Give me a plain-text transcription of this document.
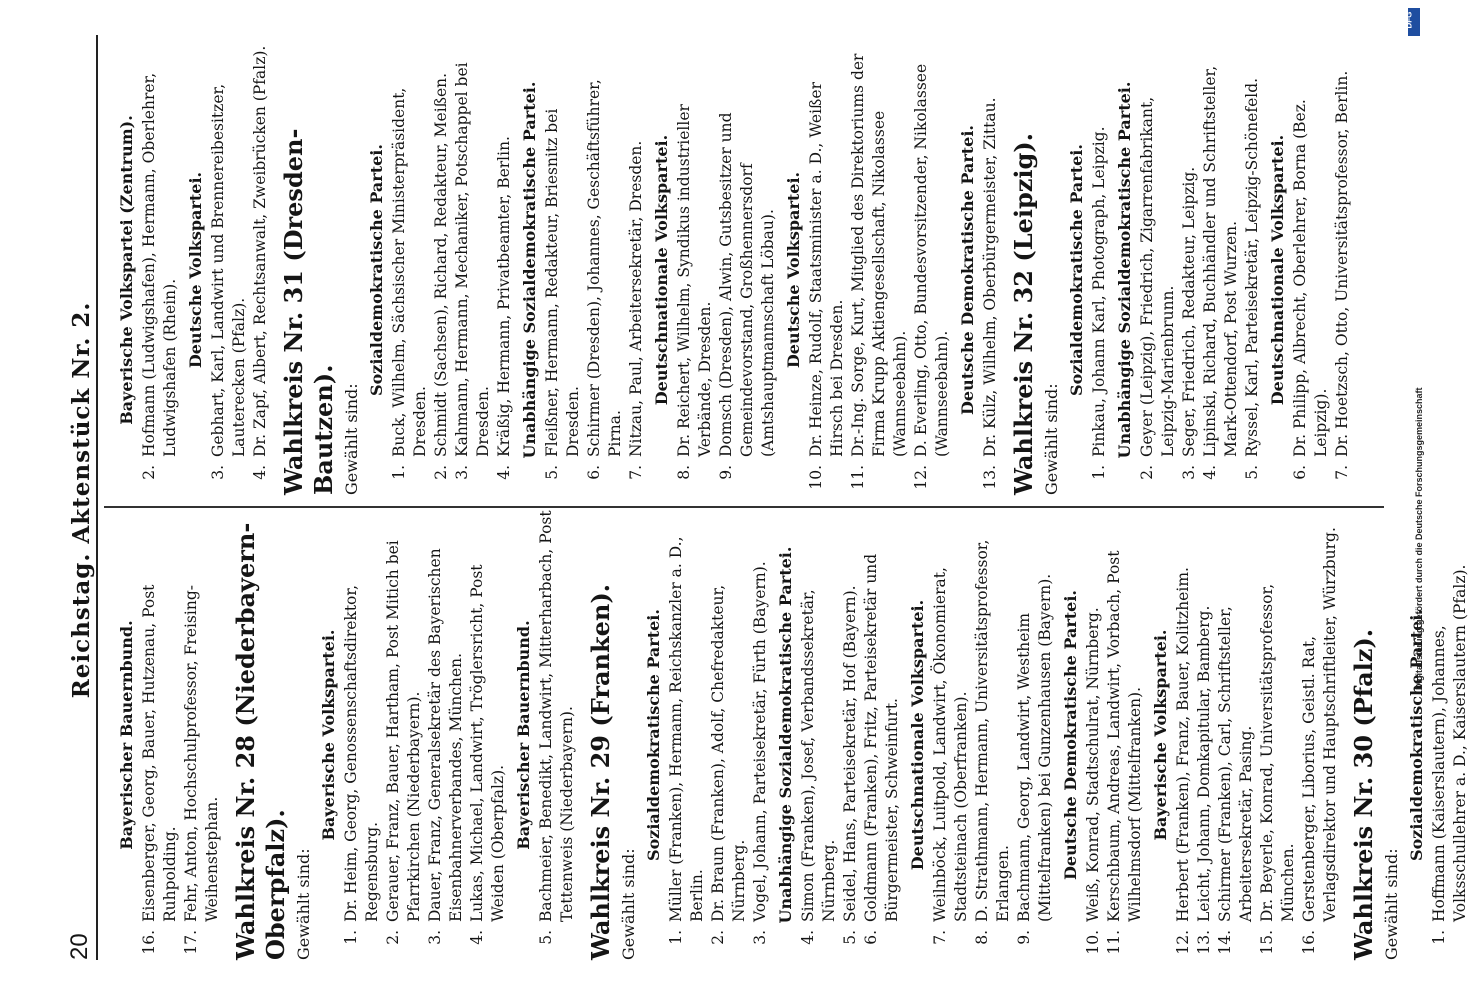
20
Reichstag. Aktenstück Nr. 2.
Bayerischer Bauernbund.
16.
Eisenberger, Georg, Bauer, Hutzenau, Post Ruhpolding.
17.
Fehr, Anton, Hochschulprofessor, Freising-Weihenstephan. Wahlkreis Nr. 28 (Niederbayern-Oberpfalz). Gewählt sind:
Bayerische Volkspartei.
1.
Dr. Heim, Georg, Genossenschaftsdirektor, Regensburg.
2.
Gerauer, Franz, Bauer, Hartham, Post Mitich bei Pfarrkirchen (Niederbayern).
3.
Dauer, Franz, Generalsekretär des Bayerischen Eisenbahnerverbandes, München.
4.
Lukas, Michael, Landwirt, Tröglersricht, Post Weiden (Oberpfalz). Bayerischer Bauernbund.
5.
Bachmeier, Benedikt, Landwirt, Mitterharbach, Post Tettenweis (Niederbayern). Wahlkreis Nr. 29 (Franken). Gewählt sind:
Sozialdemokratische Partei.
1.
Müller (Franken), Hermann, Reichskanzler a. D., Berlin.
2.
Dr. Braun (Franken), Adolf, Chefredakteur, Nürnberg.
3.
Vogel, Johann, Parteisekretär, Fürth (Bayern). Unabhängige Sozialdemokratische Partei.
4.
Simon (Franken), Josef, Verbandssekretär, Nürnberg.
5.
Seidel, Hans, Parteisekretär, Hof (Bayern).
6.
Goldmann (Franken), Fritz, Parteisekretär und Bürgermeister, Schweinfurt. Deutschnationale Volkspartei.
7.
Weilnböck, Luitpold, Landwirt, Ökonomierat, Stadtsteinach (Oberfranken).
8.
D. Strathmann, Hermann, Universitätsprofessor, Erlangen.
9.
Bachmann, Georg, Landwirt, Westheim (Mittelfranken) bei Gunzenhausen (Bayern). Deutsche Demokratische Partei.
10.
Weiß, Konrad, Stadtschulrat, Nürnberg.
11.
Kerschbaum, Andreas, Landwirt, Vorbach, Post Wilhelmsdorf (Mittelfranken). Bayerische Volkspartei.
12.
Herbert (Franken), Franz, Bauer, Kolitzheim.
13.
Leicht, Johann, Domkapitular, Bamberg.
14.
Schirmer (Franken), Carl, Schriftsteller, Arbeitersekretär, Pasing.
15.
Dr. Beyerle, Konrad, Universitätsprofessor, München.
16.
Gerstenberger, Liborius, Geistl. Rat, Verlagsdirektor und Hauptschriftleiter, Würzburg. Wahlkreis Nr. 30 (Pfalz). Gewählt sind:
Sozialdemokratische Partei.
1.
Hoffmann (Kaiserslautern), Johannes, Volksschullehrer a. D., Kaiserslautern (Pfalz).
Bayerische Volkspartei (Zentrum).
2.
Hofmann (Ludwigshafen), Hermann, Oberlehrer, Ludwigshafen (Rhein). Deutsche Volkspartei.
3.
Gebhart, Karl, Landwirt und Brennereibesitzer, Lauterecken (Pfalz).
4.
Dr. Zapf, Albert, Rechtsanwalt, Zweibrücken (Pfalz). Wahlkreis Nr. 31 (Dresden-Bautzen). Gewählt sind:
Sozialdemokratische Partei.
1.
Buck, Wilhelm, Sächsischer Ministerpräsident, Dresden.
2.
Schmidt (Sachsen), Richard, Redakteur, Meißen.
3.
Kahmann, Hermann, Mechaniker, Potschappel bei Dresden.
4.
Kräßig, Hermann, Privatbeamter, Berlin. Unabhängige Sozialdemokratische Partei.
5.
Fleißner, Hermann, Redakteur, Briesnitz bei Dresden.
6.
Schirmer (Dresden), Johannes, Geschäftsführer, Pirna.
7.
Nitzau, Paul, Arbeitersekretär, Dresden. Deutschnationale Volkspartei.
8.
Dr. Reichert, Wilhelm, Syndikus industrieller Verbände, Dresden.
9.
Domsch (Dresden), Alwin, Gutsbesitzer und Gemeindevorstand, Großhennersdorf (Amtshauptmannschaft Löbau). Deutsche Volkspartei.
10.
Dr. Heinze, Rudolf, Staatsminister a. D., Weißer Hirsch bei Dresden.
11.
Dr.-Ing. Sorge, Kurt, Mitglied des Direktoriums der Firma Krupp Aktiengesellschaft, Nikolassee (Wannseebahn).
12.
D. Everling, Otto, Bundesvorsitzender, Nikolassee (Wannseebahn). Deutsche Demokratische Partei.
13.
Dr. Külz, Wilhelm, Oberbürgermeister, Zittau. Wahlkreis Nr. 32 (Leipzig). Gewählt sind:
Sozialdemokratische Partei.
1.
Pinkau, Johann Karl, Photograph, Leipzig. Unabhängige Sozialdemokratische Partei.
2.
Geyer (Leipzig), Friedrich, Zigarrenfabrikant, Leipzig-Marienbrunn.
3.
Seger, Friedrich, Redakteur, Leipzig.
4.
Lipinski, Richard, Buchhändler und Schriftsteller, Mark-Ottendorf, Post Wurzen.
5.
Ryssel, Karl, Parteisekretär, Leipzig-Schönefeld. Deutschnationale Volkspartei.
6.
Dr. Philipp, Albrecht, Oberlehrer, Borna (Bez. Leipzig).
7.
Dr. Hoetzsch, Otto, Universitätsprofessor, Berlin.
DFG
Digitalisierung gefördert durch die Deutsche Forschungsgemeinschaft
